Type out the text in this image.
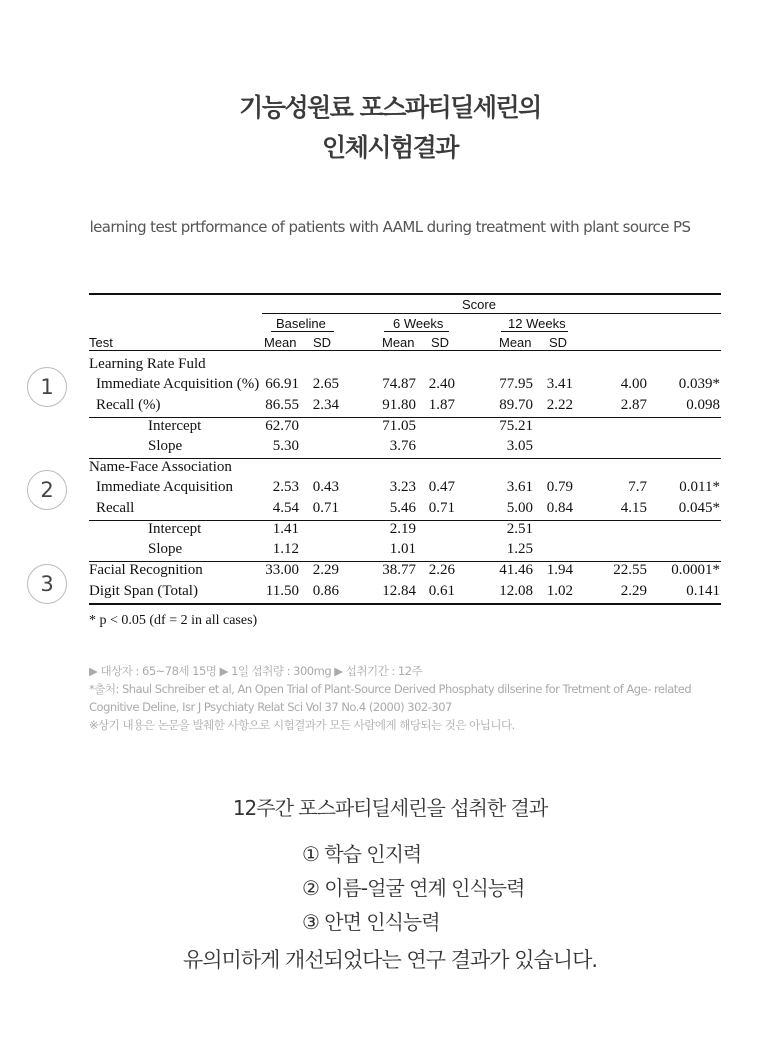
기능성원료 포스파티딜세린의
인체시험결과
learning test prtformance of patients with AAML during treatment with plant source PS
Score
Baseline	6 Weeks	12 Weeks
Test	Mean SD	Mean SD	Mean SD
Learning Rate Fuld
Immediate Acquisition (%) 66.91 2.65	74.87 2.40	77.95 3.41	4.00 0.039*
Recall (%)	86.55 2.34	91.80 1.87	89.70 2.22	2.87	0.098
Intercept	62.70	71.05	75.21
Slope	5.30	3.76	3.05
Name-Face Association
Immediate Acquisition	2.53 0.43	3.23 0.47	3.61 0.79	7.7 0.011*
Recall	4.54 0.71	5.46 0.71	5.00 0.84	4.15 0.045*
Intercept	1.41	2.19	2.51
Slope	1.12	1.01	1.25
Facial Recognition	33.00 2.29	38.77 2.26	41.46 1.94	22.55 0.0001*
Digit Span (Total)	11.50 0.86	12.84 0.61	12.08 1.02	2.29	0.141
* p < 0.05 (df = 2 in all cases)
1
2
3
▶ 대상자 : 65~78세 15명 ▶ 1일 섭취량 : 300mg ▶ 섭취기간 : 12주
*출처: Shaul Schreiber et al, An Open Trial of Plant-Source Derived Phosphaty dilserine for Tretment of Age- related
Cognitive Deline, Isr J Psychiaty Relat Sci Vol 37 No.4 (2000) 302-307
※상기 내용은 논문을 발췌한 사항으로 시험결과가 모든 사람에게 해당되는 것은 아닙니다.
12주간 포스파티딜세린을 섭취한 결과
① 학습 인지력
② 이름-얼굴 연계 인식능력
③ 안면 인식능력
유의미하게 개선되었다는 연구 결과가 있습니다.
